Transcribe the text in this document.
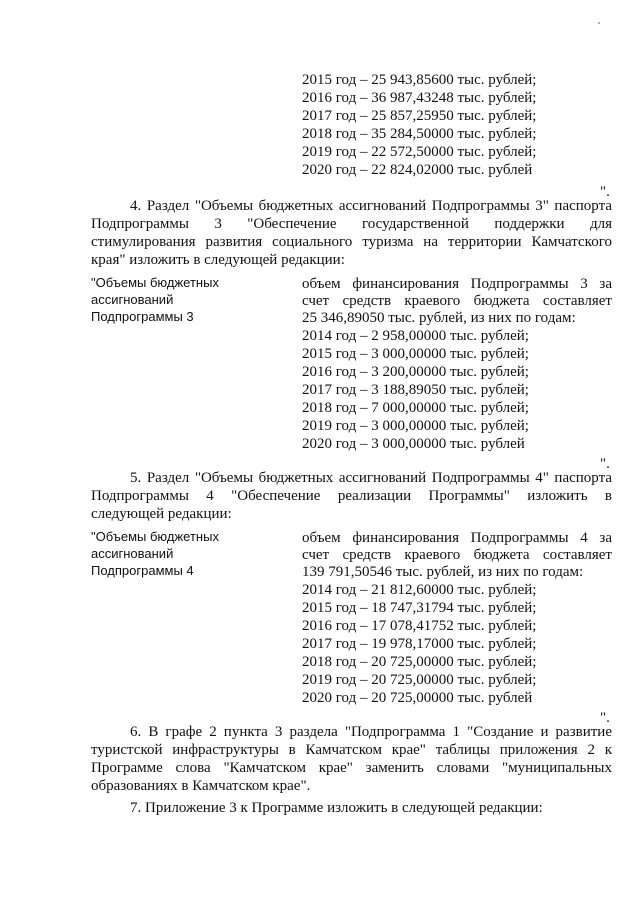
2015 год – 25 943,85600 тыс. рублей;
2016 год – 36 987,43248 тыс. рублей;
2017 год – 25 857,25950 тыс. рублей;
2018 год – 35 284,50000 тыс. рублей;
2019 год – 22 572,50000 тыс. рублей;
2020 год – 22 824,02000 тыс. рублей
".
4. Раздел "Объемы бюджетных ассигнований Подпрограммы 3" паспорта
Подпрограммы 3 "Обеспечение государственной поддержки для
стимулирования развития социального туризма на территории Камчатского
края" изложить в следующей редакции:
"Объемы бюджетных
ассигнований
Подпрограммы 3
объем финансирования Подпрограммы 3 за
счет средств краевого бюджета составляет
25 346,89050 тыс. рублей, из них по годам:
2014 год – 2 958,00000 тыс. рублей;
2015 год – 3 000,00000 тыс. рублей;
2016 год – 3 200,00000 тыс. рублей;
2017 год – 3 188,89050 тыс. рублей;
2018 год – 7 000,00000 тыс. рублей;
2019 год – 3 000,00000 тыс. рублей;
2020 год – 3 000,00000 тыс. рублей
".
5. Раздел "Объемы бюджетных ассигнований Подпрограммы 4" паспорта
Подпрограммы 4 "Обеспечение реализации Программы" изложить в
следующей редакции:
"Объемы бюджетных
ассигнований
Подпрограммы 4
объем финансирования Подпрограммы 4 за
счет средств краевого бюджета составляет
139 791,50546 тыс. рублей, из них по годам:
2014 год – 21 812,60000 тыс. рублей;
2015 год – 18 747,31794 тыс. рублей;
2016 год – 17 078,41752 тыс. рублей;
2017 год – 19 978,17000 тыс. рублей;
2018 год – 20 725,00000 тыс. рублей;
2019 год – 20 725,00000 тыс. рублей;
2020 год – 20 725,00000 тыс. рублей
".
6. В графе 2 пункта 3 раздела "Подпрограмма 1 "Создание и развитие
туристской инфраструктуры в Камчатском крае" таблицы приложения 2 к
Программе слова "Камчатском крае" заменить словами "муниципальных
образованиях в Камчатском крае".
7. Приложение 3 к Программе изложить в следующей редакции:
